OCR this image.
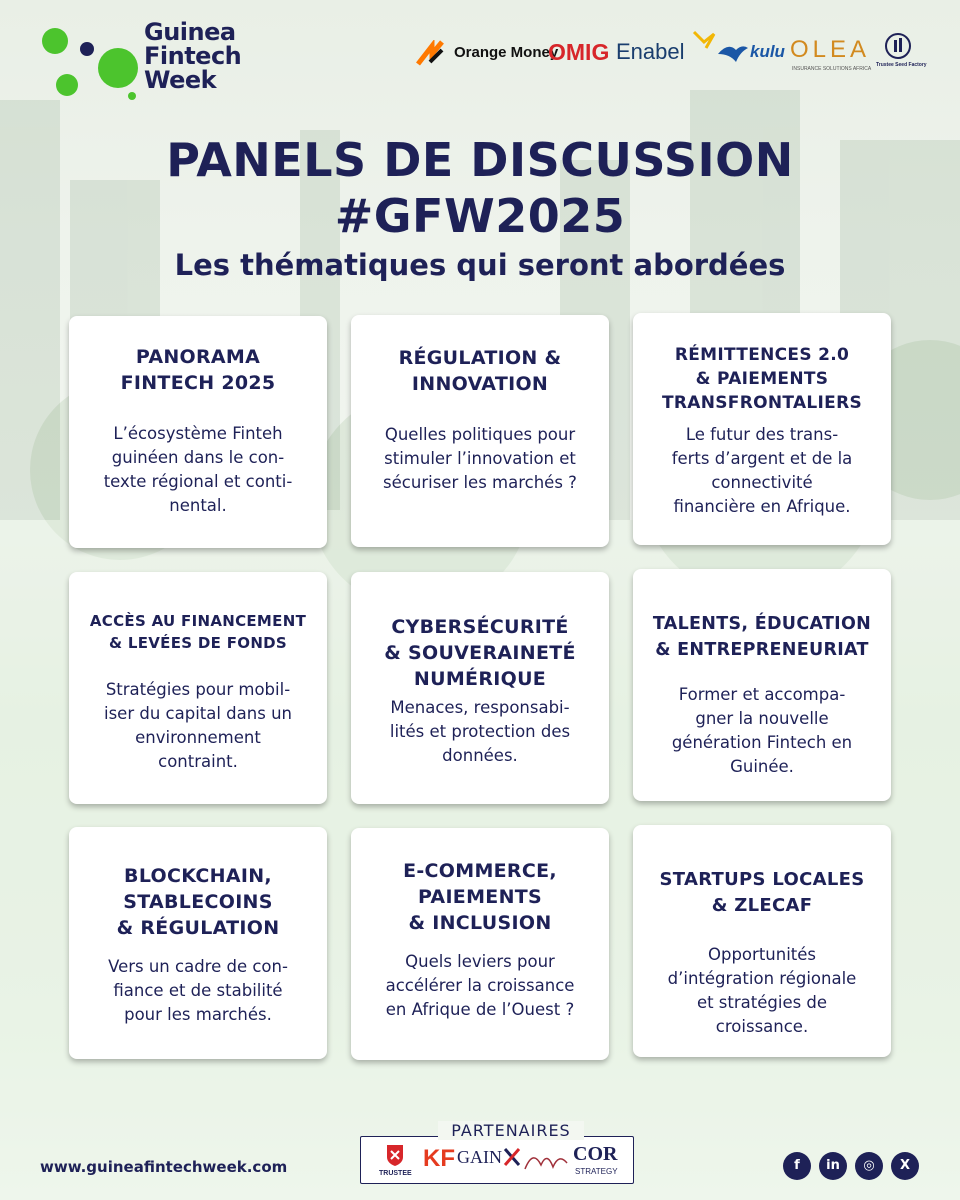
Guinea
Fintech
Week
Orange Money
OMIG Enabel	kulu OLEA
INSURANCE SOLUTIONS AFRICA
Trustee Seed Factory
PANELS DE DISCUSSION
#GFW2025
Les thématiques qui seront abordées
PANORAMA
FINTECH 2025
L’écosystème Finteh
guinéen dans le con-
texte régional et conti-
nental.
RÉGULATION &
INNOVATION
Quelles politiques pour
stimuler l’innovation et
sécuriser les marchés ?
RÉMITTENCES 2.0
& PAIEMENTS
TRANSFRONTALIERS
Le futur des trans-
ferts d’argent et de la
connectivité
financière en Afrique.
ACCÈS AU FINANCEMENT
& LEVÉES DE FONDS
Stratégies pour mobil-
iser du capital dans un
environnement
contraint.
CYBERSÉCURITÉ
& SOUVERAINETÉ
NUMÉRIQUE
Menaces, responsabi-
lités et protection des
données.
TALENTS, ÉDUCATION
& ENTREPRENEURIAT
Former et accompa-
gner la nouvelle
génération Fintech en
Guinée.
BLOCKCHAIN,
STABLECOINS
& RÉGULATION
Vers un cadre de con-
fiance et de stabilité
pour les marchés.
E-COMMERCE,
PAIEMENTS
& INCLUSION
Quels leviers pour
accélérer la croissance
en Afrique de l’Ouest ?
STARTUPS LOCALES
& ZLECAF
Opportunités
d’intégration régionale
et stratégies de
croissance.
TRUSTEE
KF GAIN	COR
STRATEGY
PARTENAIRES
www.guineafintechweek.com	f	in	◎	X
